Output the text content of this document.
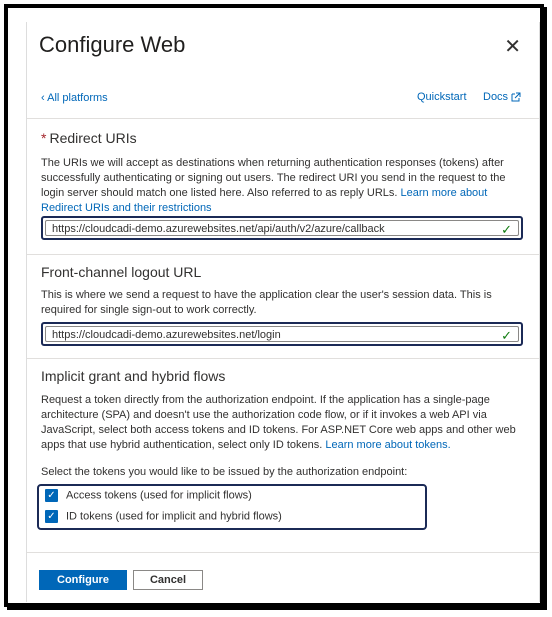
Configure Web	✕
‹ All platforms	Quickstart Docs
* Redirect URIs
The URIs we will accept as destinations when returning authentication responses (tokens) after successfully authenticating or signing out users. The redirect URI you send in the request to the login server should match one listed here. Also referred to as reply URLs. Learn more about Redirect URIs and their restrictions
https://cloudcadi-demo.azurewebsites.net/api/auth/v2/azure/callback	✓
Front-channel logout URL
This is where we send a request to have the application clear the user's session data. This is required for single sign-out to work correctly.
https://cloudcadi-demo.azurewebsites.net/login	✓
Implicit grant and hybrid flows
Request a token directly from the authorization endpoint. If the application has a single-page architecture (SPA) and doesn't use the authorization code flow, or if it invokes a web API via JavaScript, select both access tokens and ID tokens. For ASP.NET Core web apps and other web apps that use hybrid authentication, select only ID tokens. Learn more about tokens.
Select the tokens you would like to be issued by the authorization endpoint:
✓ Access tokens (used for implicit flows)
✓ ID tokens (used for implicit and hybrid flows)
Configure	Cancel
